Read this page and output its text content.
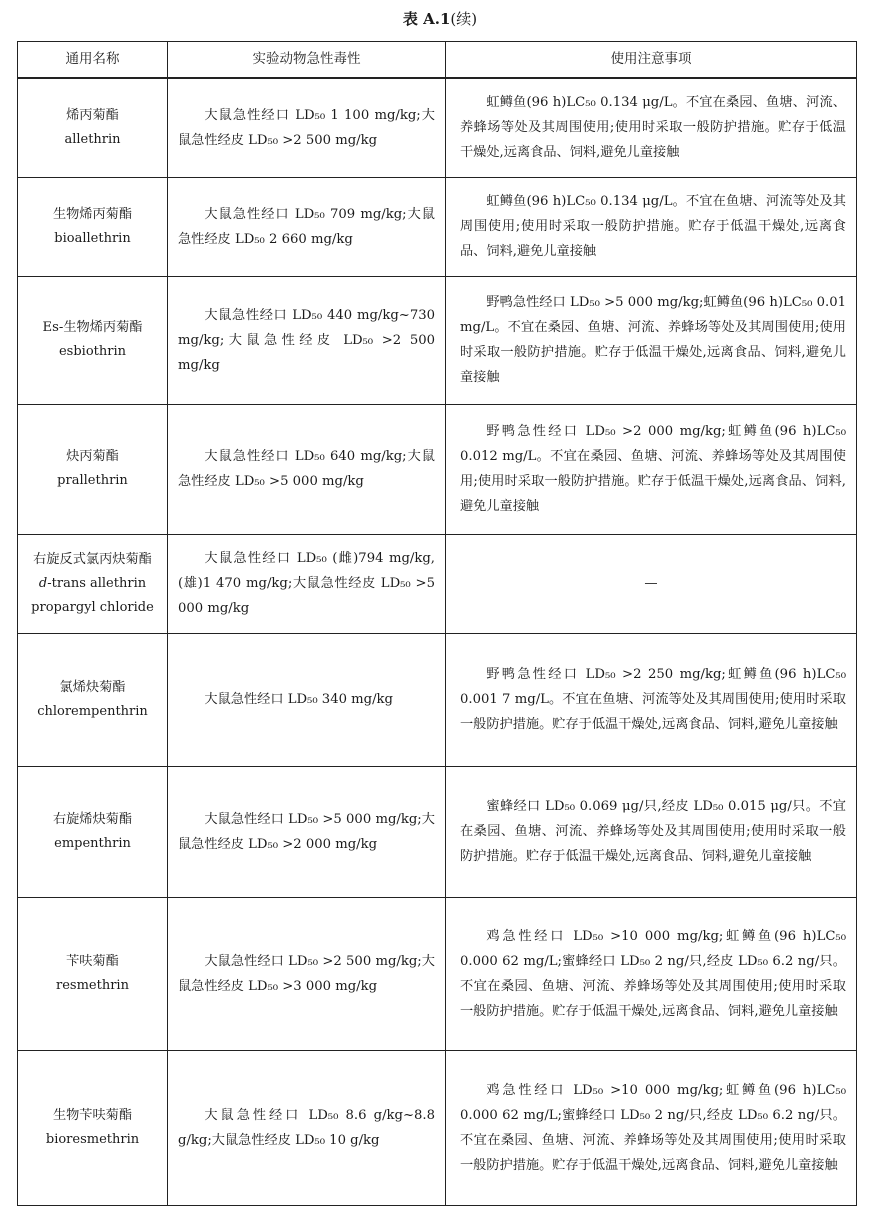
表 A.1(续)
通用名称	实验动物急性毒性	使用注意事项
烯丙菊酯
allethrin	大鼠急性经口 LD₅₀ 1 100 mg/kg;大鼠急性经皮 LD₅₀ >2 500 mg/kg	虹鳟鱼(96 h)LC₅₀ 0.134 μg/L。不宜在桑园、鱼塘、河流、养蜂场等处及其周围使用;使用时采取一般防护措施。贮存于低温干燥处,远离食品、饲料,避免儿童接触
生物烯丙菊酯
bioallethrin	大鼠急性经口 LD₅₀ 709 mg/kg;大鼠急性经皮 LD₅₀ 2 660 mg/kg	虹鳟鱼(96 h)LC₅₀ 0.134 μg/L。不宜在鱼塘、河流等处及其周围使用;使用时采取一般防护措施。贮存于低温干燥处,远离食品、饲料,避免儿童接触
Es-生物烯丙菊酯
esbiothrin	大鼠急性经口 LD₅₀ 440 mg/kg~730 mg/kg;大鼠急性经皮 LD₅₀ >2 500 mg/kg	野鸭急性经口 LD₅₀ >5 000 mg/kg;虹鳟鱼(96 h)LC₅₀ 0.01 mg/L。不宜在桑园、鱼塘、河流、养蜂场等处及其周围使用;使用时采取一般防护措施。贮存于低温干燥处,远离食品、饲料,避免儿童接触
炔丙菊酯
prallethrin	大鼠急性经口 LD₅₀ 640 mg/kg;大鼠急性经皮 LD₅₀ >5 000 mg/kg	野鸭急性经口 LD₅₀ >2 000 mg/kg;虹鳟鱼(96 h)LC₅₀ 0.012 mg/L。不宜在桑园、鱼塘、河流、养蜂场等处及其周围使用;使用时采取一般防护措施。贮存于低温干燥处,远离食品、饲料,避免儿童接触
右旋反式氯丙炔菊酯
d-trans allethrin
propargyl chloride	大鼠急性经口 LD₅₀ (雌)794 mg/kg,(雄)1 470 mg/kg;大鼠急性经皮 LD₅₀ >5 000 mg/kg	—
氯烯炔菊酯
chlorempenthrin	大鼠急性经口 LD₅₀ 340 mg/kg	野鸭急性经口 LD₅₀ >2 250 mg/kg;虹鳟鱼(96 h)LC₅₀ 0.001 7 mg/L。不宜在鱼塘、河流等处及其周围使用;使用时采取一般防护措施。贮存于低温干燥处,远离食品、饲料,避免儿童接触
右旋烯炔菊酯
empenthrin	大鼠急性经口 LD₅₀ >5 000 mg/kg;大鼠急性经皮 LD₅₀ >2 000 mg/kg	蜜蜂经口 LD₅₀ 0.069 μg/只,经皮 LD₅₀ 0.015 μg/只。不宜在桑园、鱼塘、河流、养蜂场等处及其周围使用;使用时采取一般防护措施。贮存于低温干燥处,远离食品、饲料,避免儿童接触
苄呋菊酯
resmethrin	大鼠急性经口 LD₅₀ >2 500 mg/kg;大鼠急性经皮 LD₅₀ >3 000 mg/kg	鸡急性经口 LD₅₀ >10 000 mg/kg;虹鳟鱼(96 h)LC₅₀ 0.000 62 mg/L;蜜蜂经口 LD₅₀ 2 ng/只,经皮 LD₅₀ 6.2 ng/只。不宜在桑园、鱼塘、河流、养蜂场等处及其周围使用;使用时采取一般防护措施。贮存于低温干燥处,远离食品、饲料,避免儿童接触
生物苄呋菊酯
bioresmethrin	大鼠急性经口 LD₅₀ 8.6 g/kg~8.8 g/kg;大鼠急性经皮 LD₅₀ 10 g/kg	鸡急性经口 LD₅₀ >10 000 mg/kg;虹鳟鱼(96 h)LC₅₀ 0.000 62 mg/L;蜜蜂经口 LD₅₀ 2 ng/只,经皮 LD₅₀ 6.2 ng/只。不宜在桑园、鱼塘、河流、养蜂场等处及其周围使用;使用时采取一般防护措施。贮存于低温干燥处,远离食品、饲料,避免儿童接触
